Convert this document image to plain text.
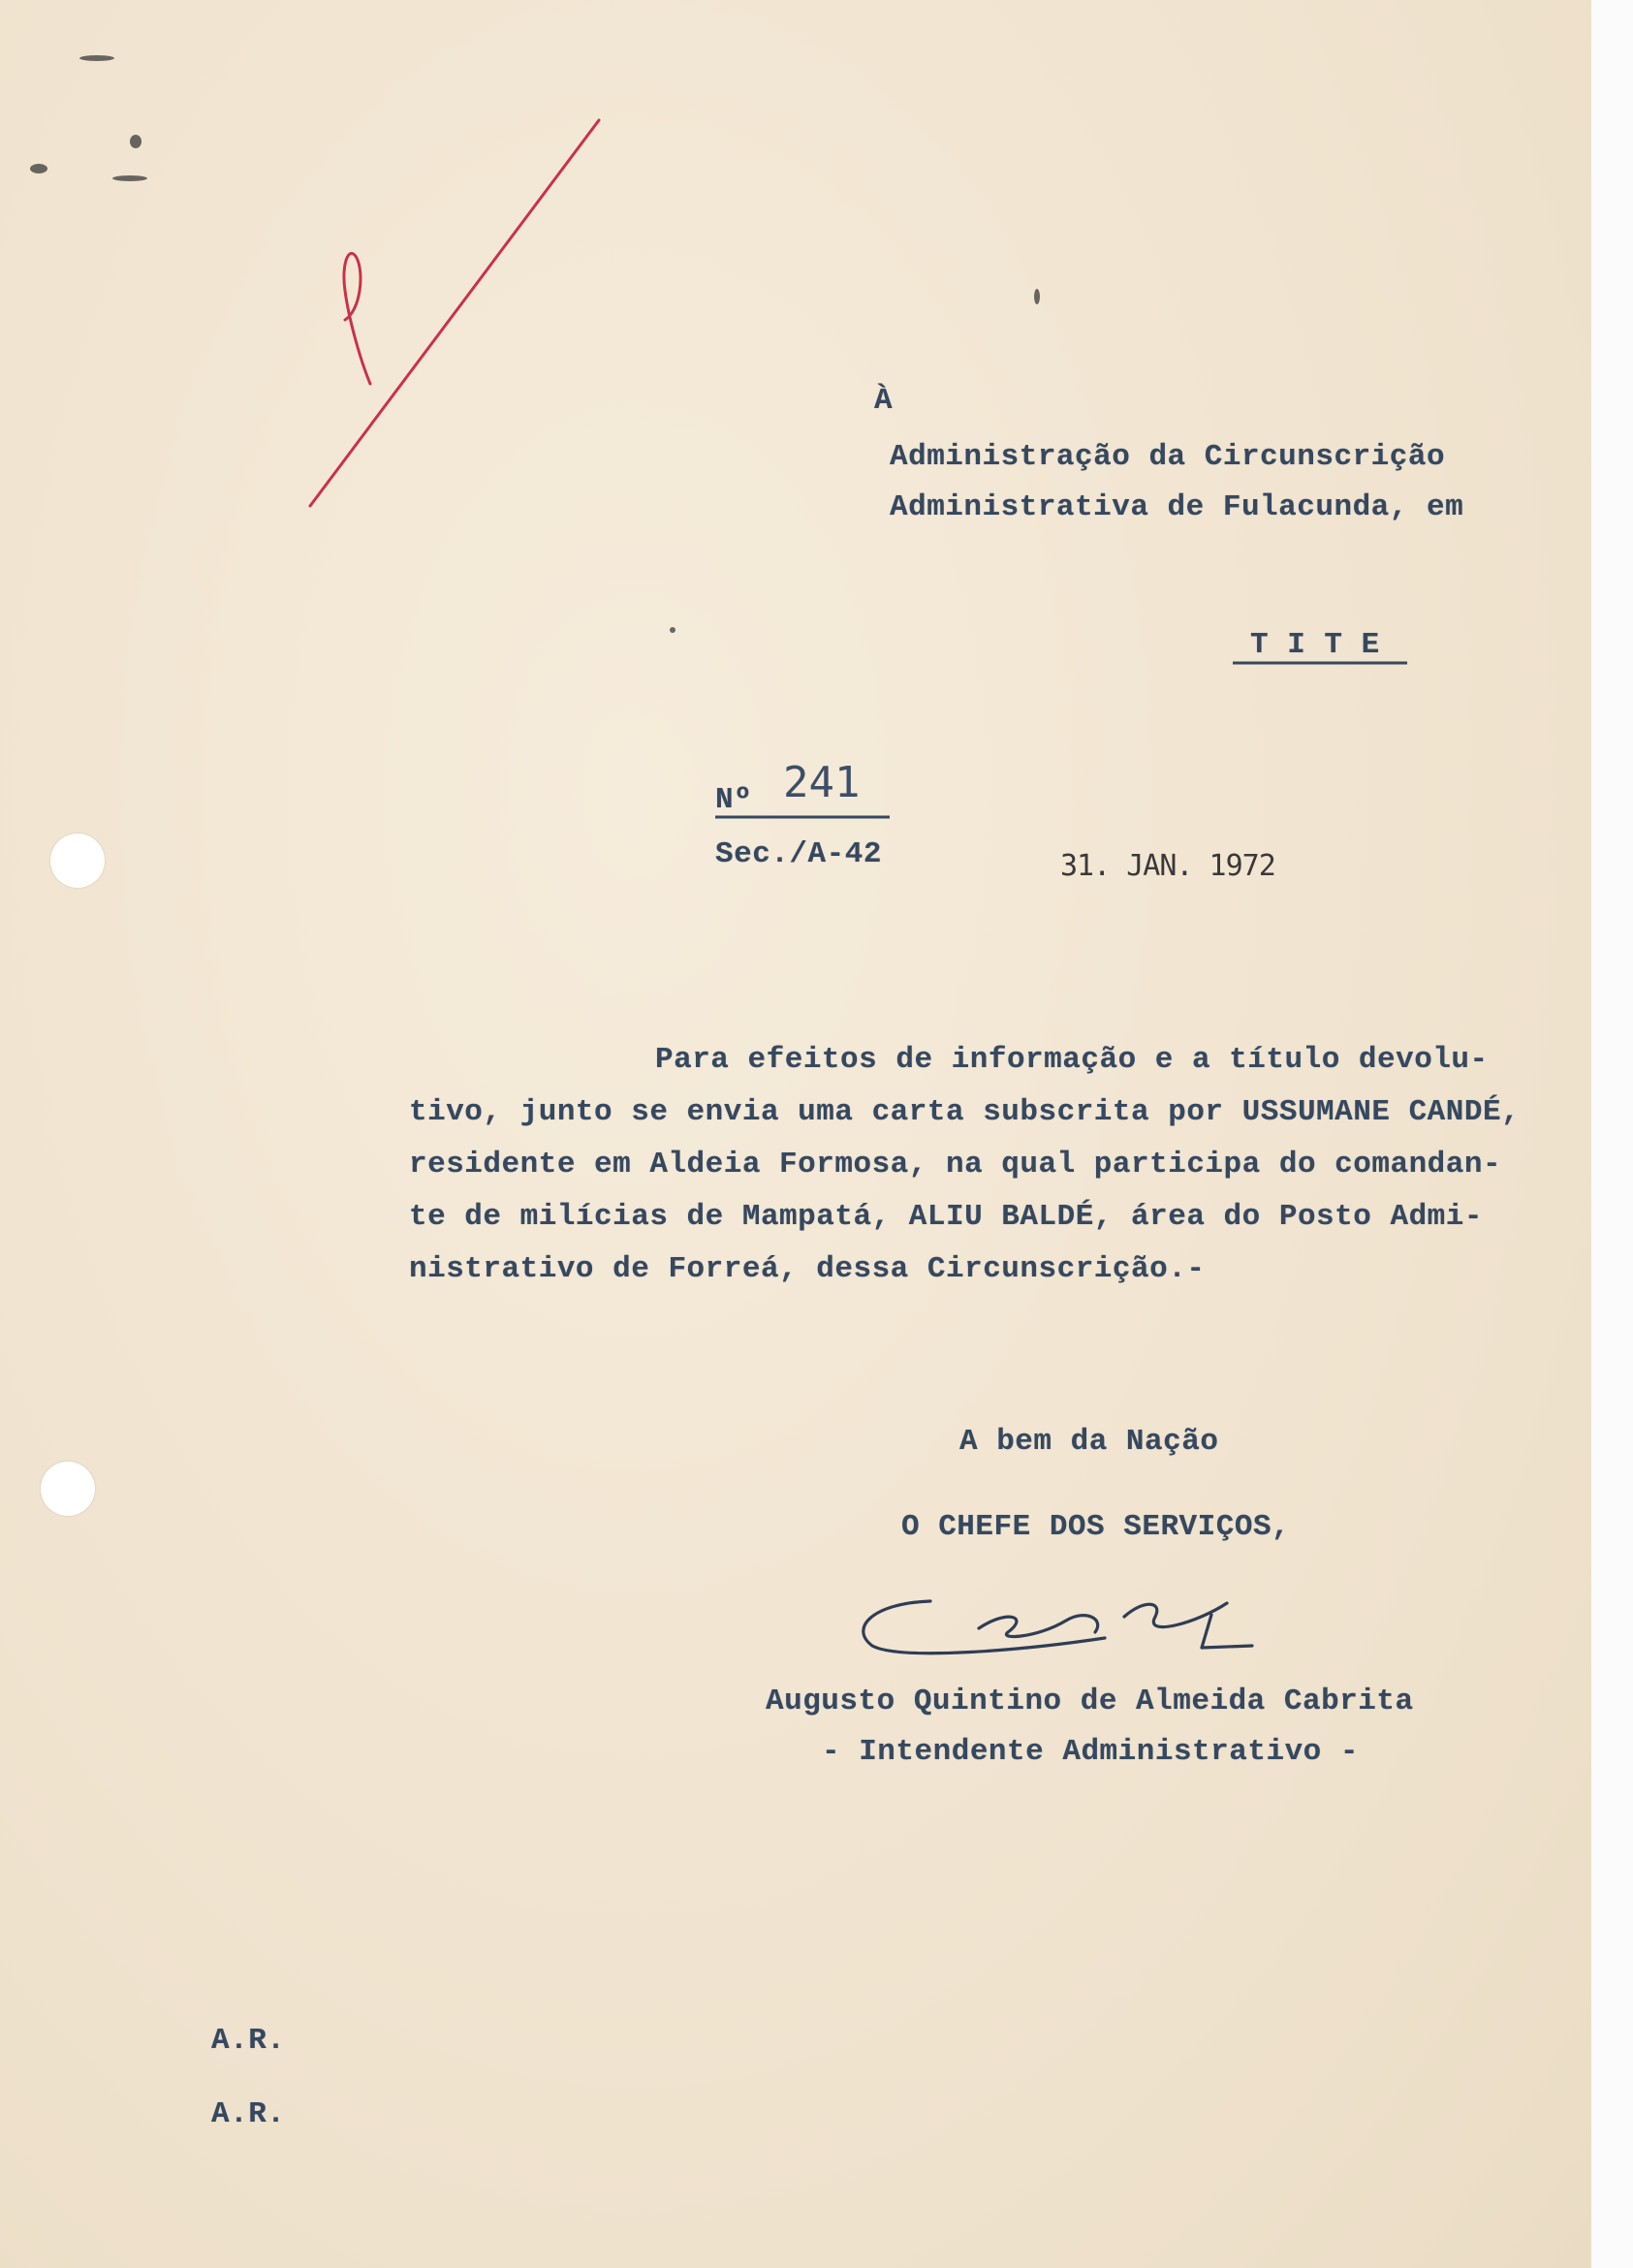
À
Administração da Circunscrição
Administrativa de Fulacunda, em
T I T E
Nº 241
Sec./A-42	31. JAN. 1972
Para efeitos de informação e a título devolu-
tivo, junto se envia uma carta subscrita por USSUMANE CANDÉ,
residente em Aldeia Formosa, na qual participa do comandan-
te de milícias de Mampatá, ALIU BALDÉ, área do Posto Admi-
nistrativo de Forreá, dessa Circunscrição.-
A bem da Nação
O CHEFE DOS SERVIÇOS,
Augusto Quintino de Almeida Cabrita
- Intendente Administrativo -
A.R.
A.R.
